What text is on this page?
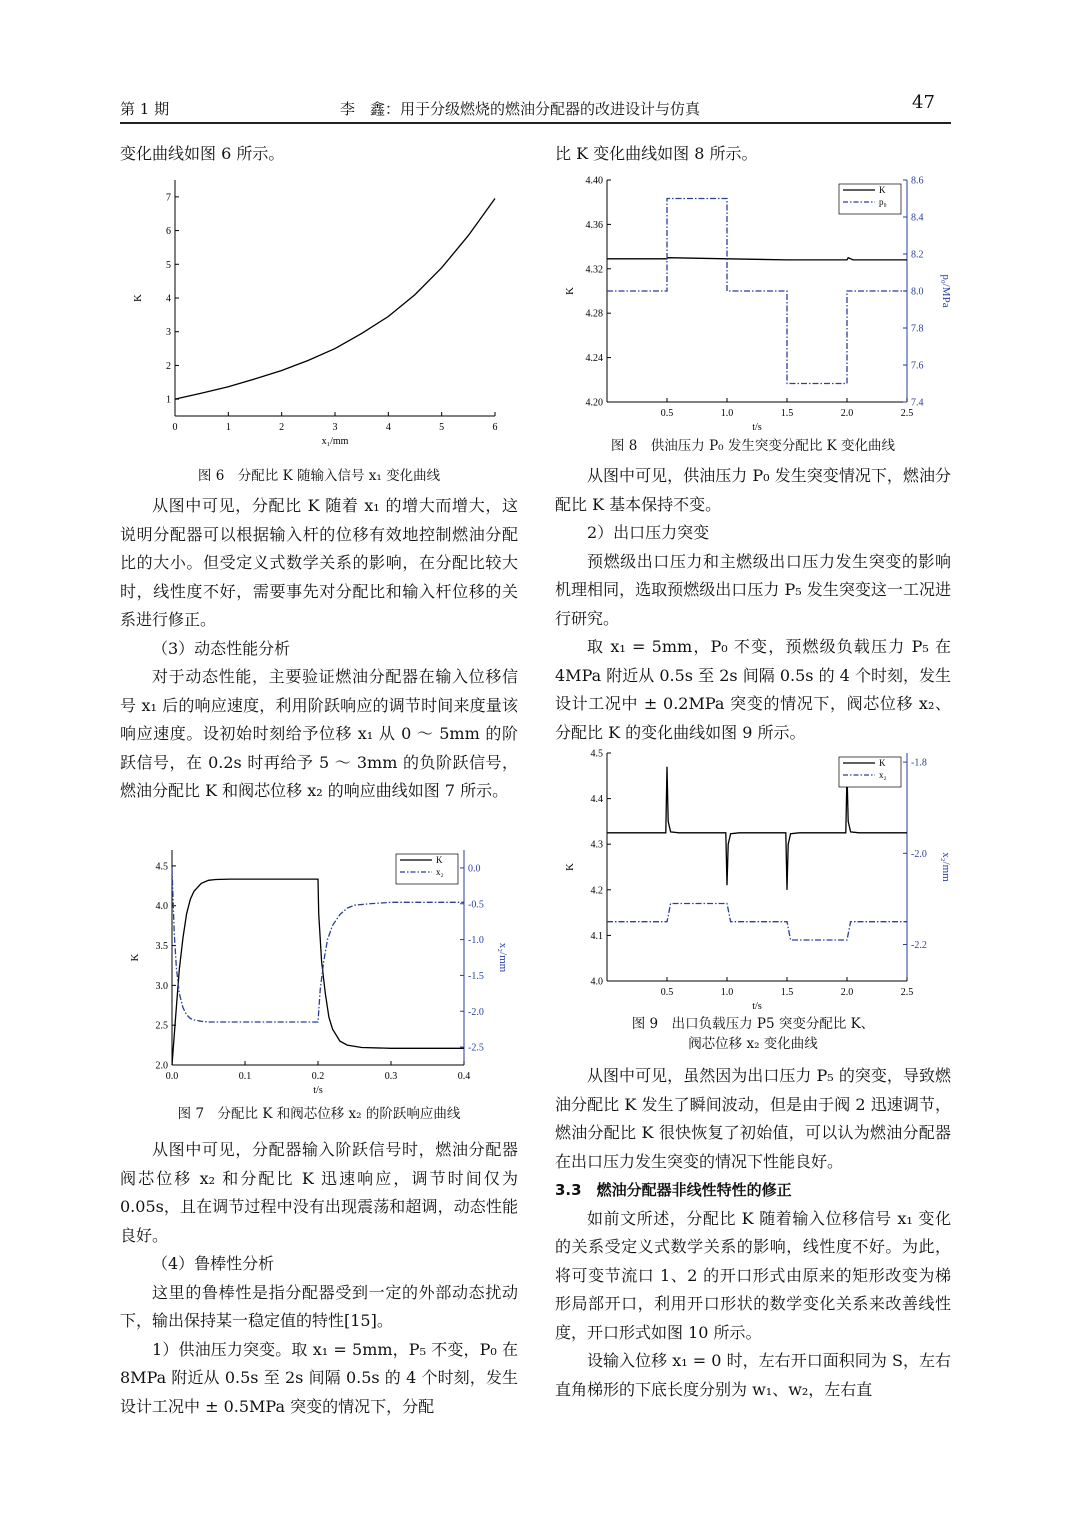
第 1 期	李　鑫：用于分级燃烧的燃油分配器的改进设计与仿真	47

变化曲线如图 6 所示。

0	1	2	3	4	5	6
1
2
3
4
5
6
7
x₁/mm
K

图 6　分配比 K 随输入信号 x₁ 变化曲线

从图中可见，分配比 K 随着 x₁ 的增大而增大，这说明分配器可以根据输入杆的位移有效地控制燃油分配比的大小。但受定义式数学关系的影响，在分配比较大时，线性度不好，需要事先对分配比和输入杆位移的关系进行修正。

（3）动态性能分析

对于动态性能，主要验证燃油分配器在输入位移信号 x₁ 后的响应速度，利用阶跃响应的调节时间来度量该响应速度。设初始时刻给予位移 x₁ 从 0 ～ 5mm 的阶跃信号，在 0.2s 时再给予 5 ～ 3mm 的负阶跃信号，燃油分配比 K 和阀芯位移 x₂ 的响应曲线如图 7 所示。

0.0	0.1	0.2	0.3	0.4
2.0
2.5
3.0
3.5
4.0
4.5	0.0
-0.5
-1.0
-1.5
-2.0
-2.5
t/s
K	x₂/mm
K
x₂

图 7　分配比 K 和阀芯位移 x₂ 的阶跃响应曲线

从图中可见，分配器输入阶跃信号时，燃油分配器阀芯位移 x₂ 和分配比 K 迅速响应，调节时间仅为 0.05s，且在调节过程中没有出现震荡和超调，动态性能良好。

（4）鲁棒性分析

这里的鲁棒性是指分配器受到一定的外部动态扰动下，输出保持某一稳定值的特性[15]。

1）供油压力突变。取 x₁ = 5mm，P₅ 不变，P₀ 在 8MPa 附近从 0.5s 至 2s 间隔 0.5s 的 4 个时刻，发生设计工况中 ± 0.5MPa 突变的情况下，分配

比 K 变化曲线如图 8 所示。

0.5	1.0	1.5	2.0	2.5
4.20
4.24
4.28
4.32
4.36
4.40
7.4
7.6
7.8
8.0
8.2
8.4
8.6
t/s
K	p₀/MPa
K
p₀

图 8　供油压力 P₀ 发生突变分配比 K 变化曲线

从图中可见，供油压力 P₀ 发生突变情况下，燃油分配比 K 基本保持不变。

2）出口压力突变

预燃级出口压力和主燃级出口压力发生突变的影响机理相同，选取预燃级出口压力 P₅ 发生突变这一工况进行研究。

取 x₁ = 5mm，P₀ 不变，预燃级负载压力 P₅ 在 4MPa 附近从 0.5s 至 2s 间隔 0.5s 的 4 个时刻，发生设计工况中 ± 0.2MPa 突变的情况下，阀芯位移 x₂、分配比 K 的变化曲线如图 9 所示。

0.5	1.0	1.5	2.0	2.5
4.0
4.1
4.2
4.3
4.4
4.5
-1.8
-2.0
-2.2
t/s
K	x₂/mm
K
x₂

图 9　出口负载压力 P5 突变分配比 K、

阀芯位移 x₂ 变化曲线

从图中可见，虽然因为出口压力 P₅ 的突变，导致燃油分配比 K 发生了瞬间波动，但是由于阀 2 迅速调节，燃油分配比 K 很快恢复了初始值，可以认为燃油分配器在出口压力发生突变的情况下性能良好。

3.3　燃油分配器非线性特性的修正

如前文所述，分配比 K 随着输入位移信号 x₁ 变化的关系受定义式数学关系的影响，线性度不好。为此，将可变节流口 1、2 的开口形式由原来的矩形改变为梯形局部开口，利用开口形状的数学变化关系来改善线性度，开口形式如图 10 所示。

设输入位移 x₁ = 0 时，左右开口面积同为 S，左右直角梯形的下底长度分别为 w₁、w₂，左右直
